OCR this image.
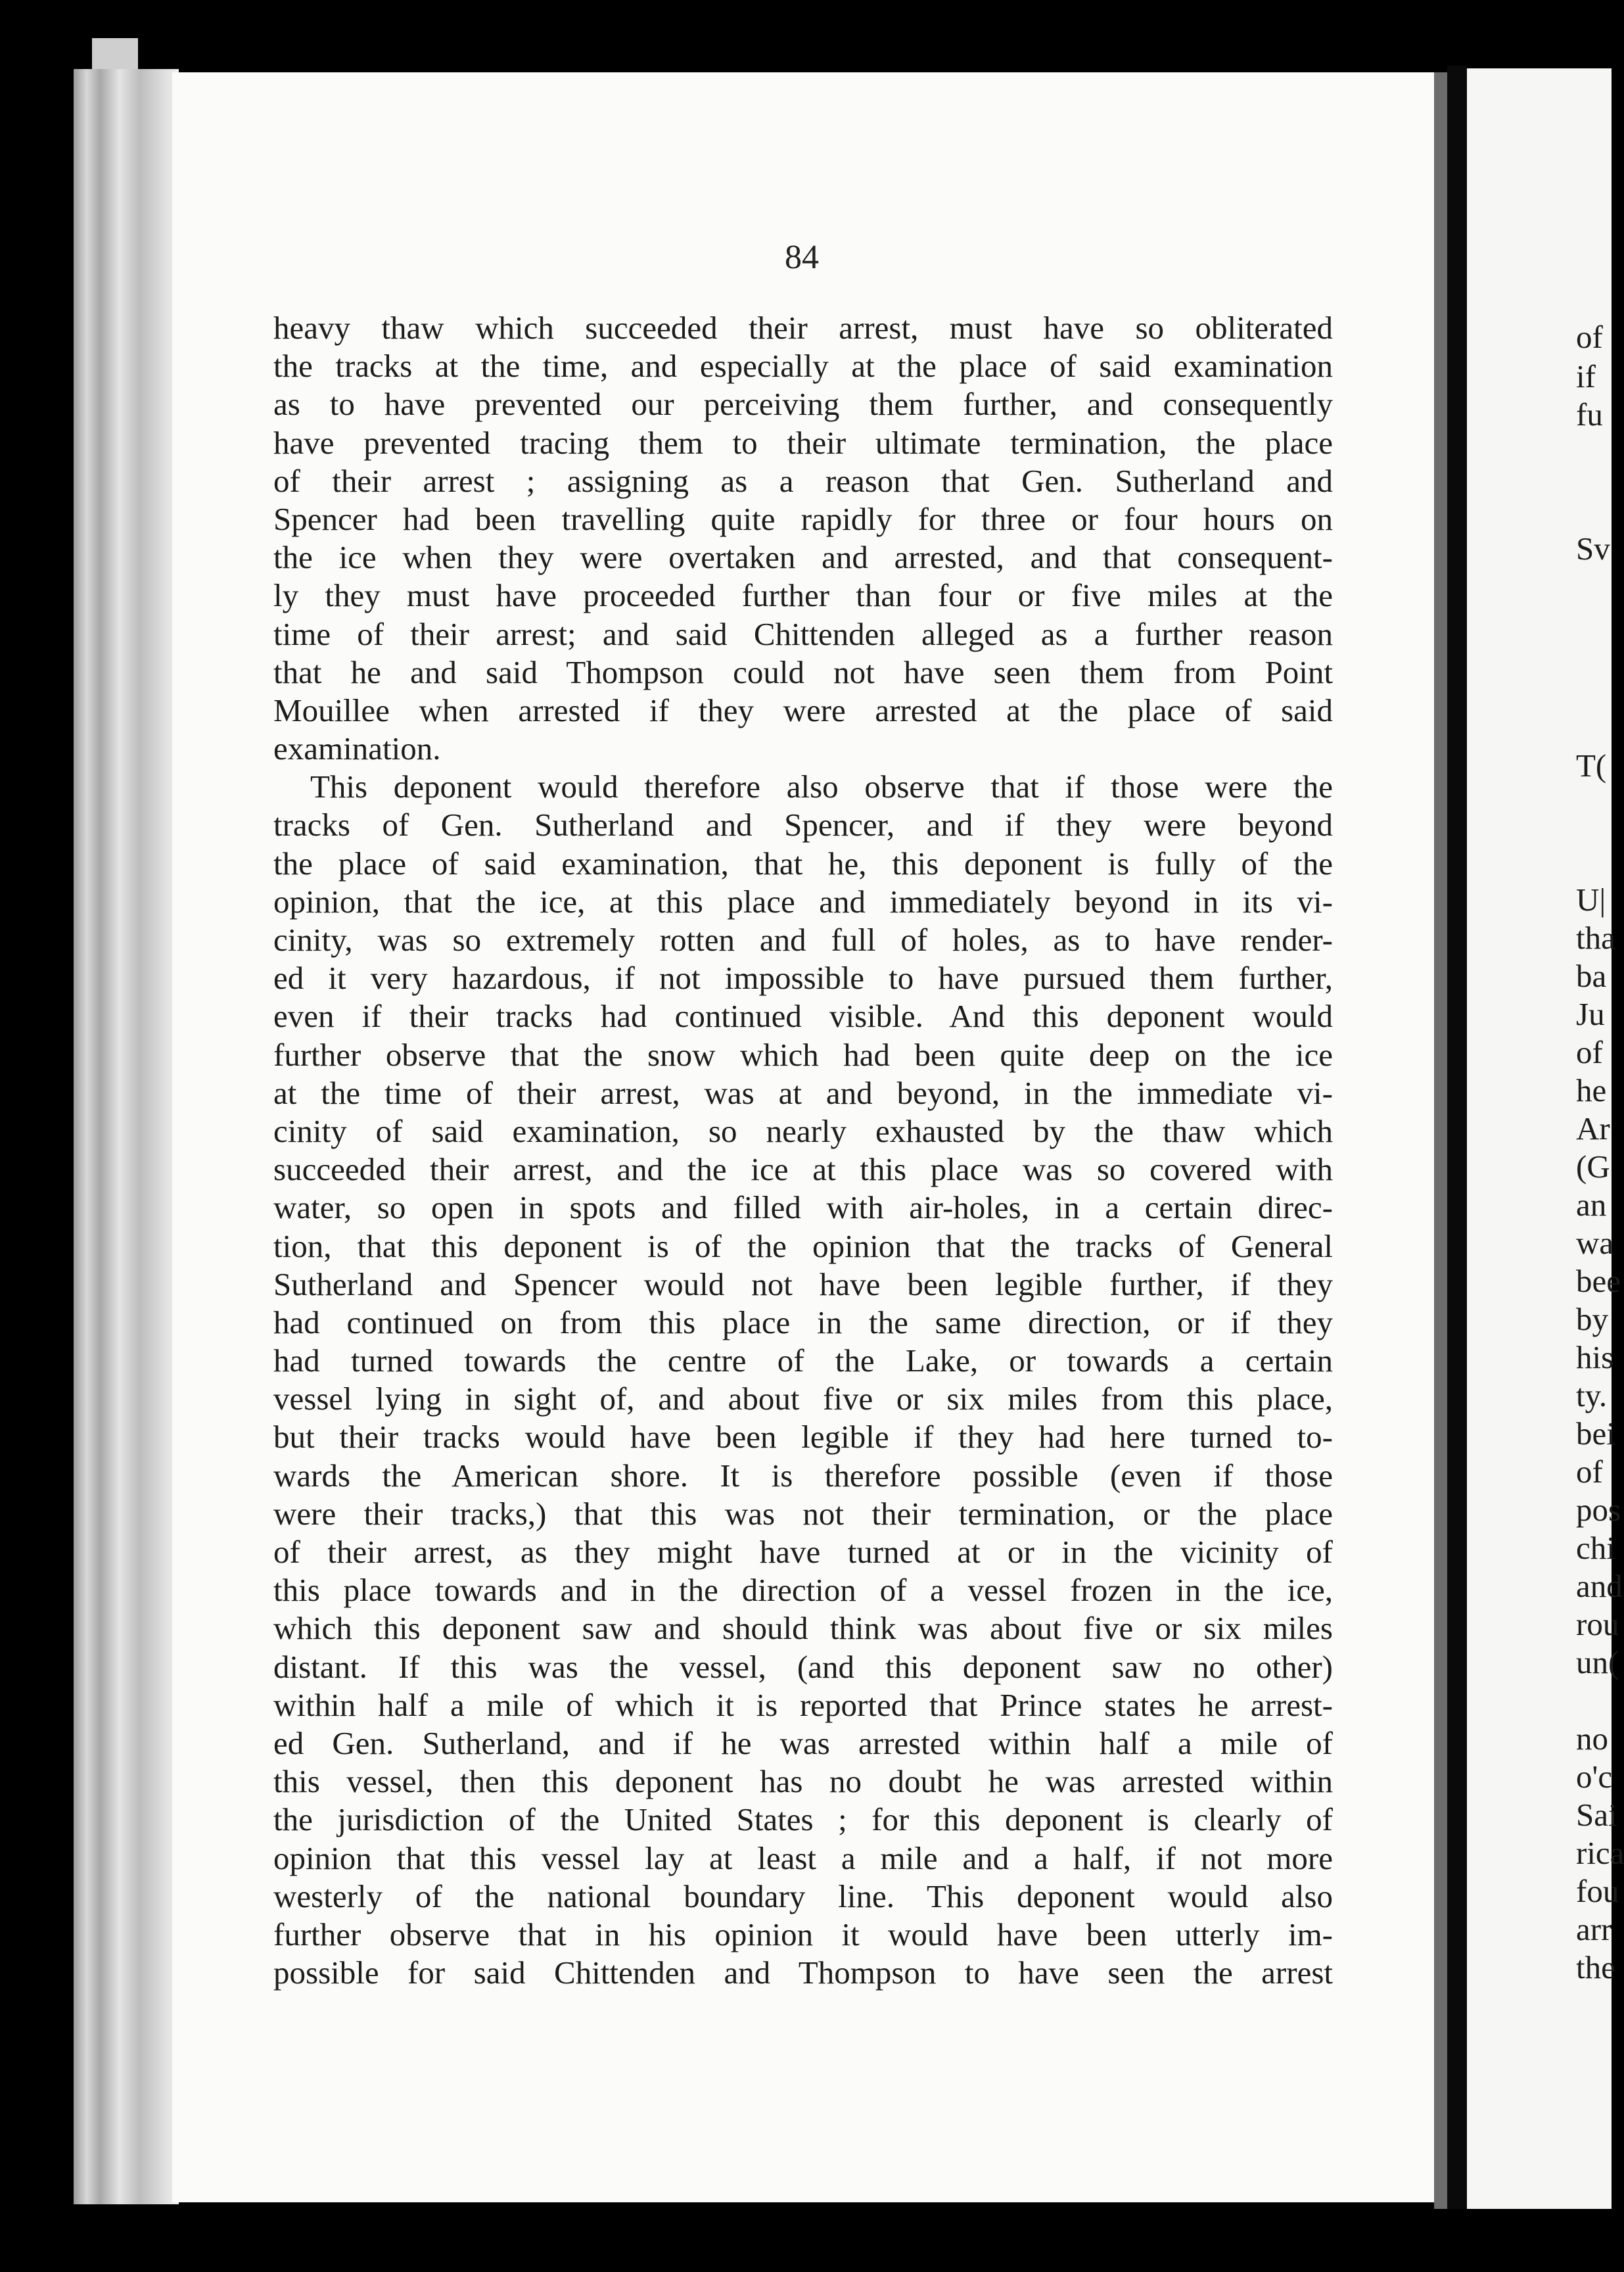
84
heavy thaw which succeeded their arrest, must have so obliterated
the tracks at the time, and especially at the place of said examination
as to have prevented our perceiving them further, and consequently
have prevented tracing them to their ultimate termination, the place
of their arrest ; assigning as a reason that Gen. Sutherland and
Spencer had been travelling quite rapidly for three or four hours on
the ice when they were overtaken and arrested, and that consequent-
ly they must have proceeded further than four or five miles at the
time of their arrest; and said Chittenden alleged as a further reason
that he and said Thompson could not have seen them from Point
Mouillee when arrested if they were arrested at the place of said
examination.
This deponent would therefore also observe that if those were the
tracks of Gen. Sutherland and Spencer, and if they were beyond
the place of said examination, that he, this deponent is fully of the
opinion, that the ice, at this place and immediately beyond in its vi-
cinity, was so extremely rotten and full of holes, as to have render-
ed it very hazardous, if not impossible to have pursued them further,
even if their tracks had continued visible. And this deponent would
further observe that the snow which had been quite deep on the ice
at the time of their arrest, was at and beyond, in the immediate vi-
cinity of said examination, so nearly exhausted by the thaw which
succeeded their arrest, and the ice at this place was so covered with
water, so open in spots and filled with air-holes, in a certain direc-
tion, that this deponent is of the opinion that the tracks of General
Sutherland and Spencer would not have been legible further, if they
had continued on from this place in the same direction, or if they
had turned towards the centre of the Lake, or towards a certain
vessel lying in sight of, and about five or six miles from this place,
but their tracks would have been legible if they had here turned to-
wards the American shore. It is therefore possible (even if those
were their tracks,) that this was not their termination, or the place
of their arrest, as they might have turned at or in the vicinity of
this place towards and in the direction of a vessel frozen in the ice,
which this deponent saw and should think was about five or six miles
distant. If this was the vessel, (and this deponent saw no other)
within half a mile of which it is reported that Prince states he arrest-
ed Gen. Sutherland, and if he was arrested within half a mile of
this vessel, then this deponent has no doubt he was arrested within
the jurisdiction of the United States ; for this deponent is clearly of
opinion that this vessel lay at least a mile and a half, if not more
westerly of the national boundary line. This deponent would also
further observe that in his opinion it would have been utterly im-
possible for said Chittenden and Thompson to have seen the arrest
of
if
fu
Sv
T(
U|
tha
ba
Ju
of
he
Ar
(G
an
wa
bee
by
his
ty.
bei
of
pos
chi
and
rou
un(
no
o'c
Sai
rica
fou
arr
the
